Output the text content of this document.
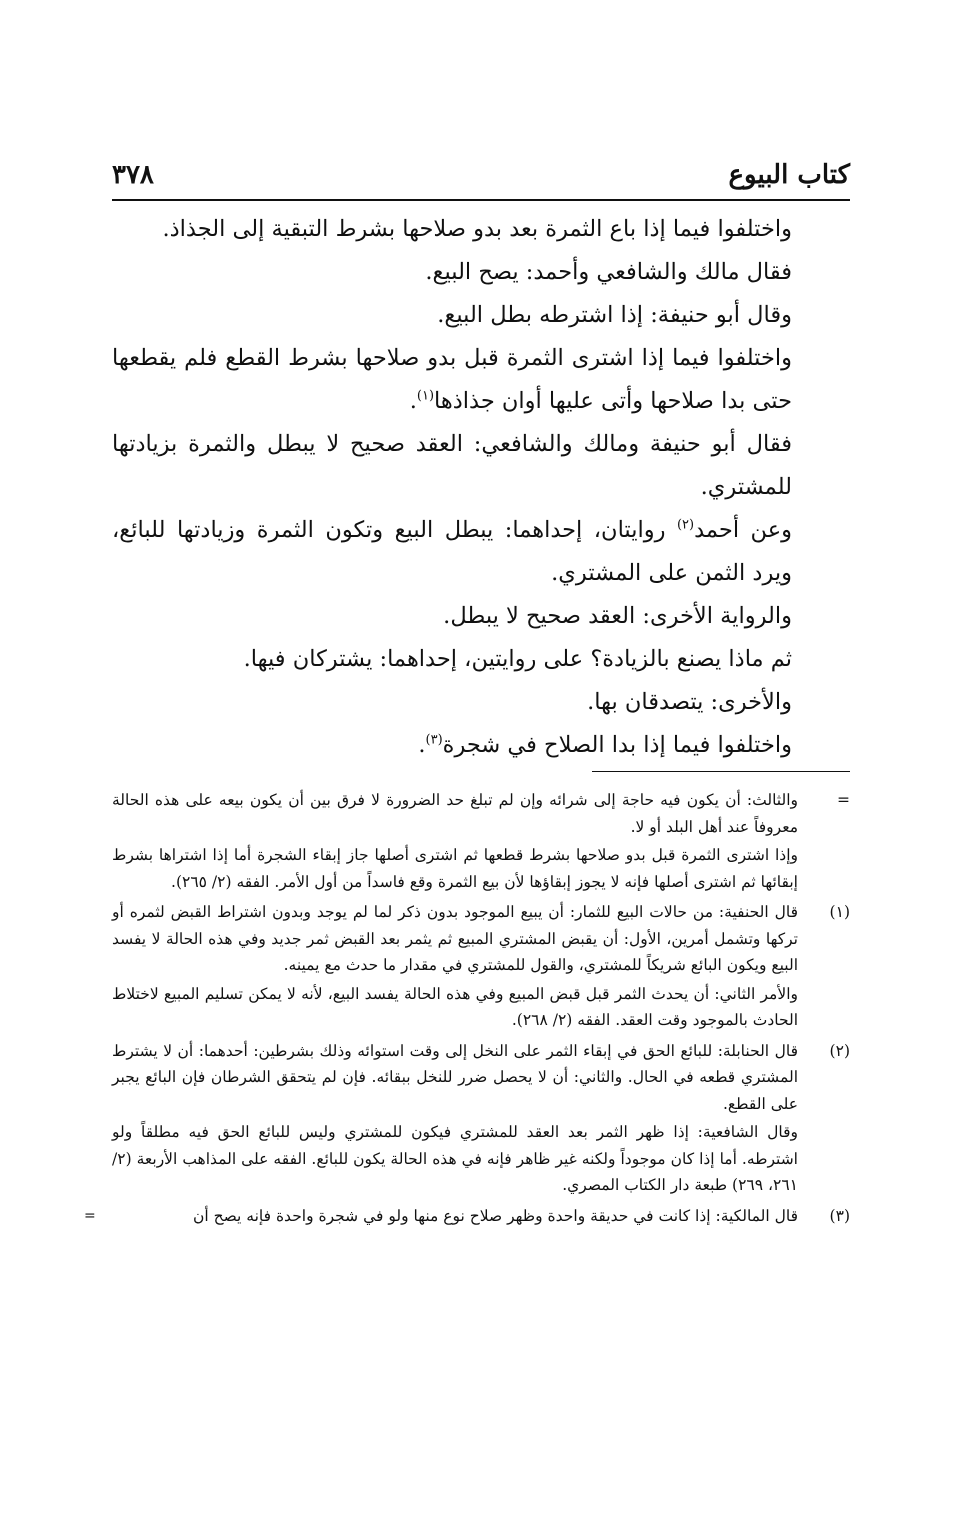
كتاب البيوع
٣٧٨

واختلفوا فيما إذا باع الثمرة بعد بدو صلاحها بشرط التبقية إلى الجذاذ.

فقال مالك والشافعي وأحمد: يصح البيع.

وقال أبو حنيفة: إذا اشترطه بطل البيع.

واختلفوا فيما إذا اشترى الثمرة قبل بدو صلاحها بشرط القطع فلم يقطعها حتى بدا صلاحها وأتى عليها أوان جذاذها$^{(١)}$.

فقال أبو حنيفة ومالك والشافعي: العقد صحيح لا يبطل والثمرة بزيادتها للمشتري.

وعن أحمد$^{(٢)}$ روايتان، إحداهما: يبطل البيع وتكون الثمرة وزيادتها للبائع، ويرد الثمن على المشتري.

والرواية الأخرى: العقد صحيح لا يبطل.

ثم ماذا يصنع بالزيادة؟ على روايتين، إحداهما: يشتركان فيها.

والأخرى: يتصدقان بها.

واختلفوا فيما إذا بدا الصلاح في شجرة$^{(٣)}$.

=
والثالث: أن يكون فيه حاجة إلى شرائه وإن لم تبلغ حد الضرورة لا فرق بين أن يكون بيعه على هذه الحالة معروفاً عند أهل البلد أو لا.
وإذا اشترى الثمرة قبل بدو صلاحها بشرط قطعها ثم اشترى أصلها جاز إبقاء الشجرة أما إذا اشتراها بشرط إبقائها ثم اشترى أصلها فإنه لا يجوز إبقاؤها لأن بيع الثمرة وقع فاسداً من أول الأمر. الفقه (٢/ ٢٦٥).
(١)
قال الحنفية: من حالات البيع للثمار: أن يبيع الموجود بدون ذكر لما لم يوجد وبدون اشتراط القبض لثمره أو تركها وتشمل أمرين، الأول: أن يقبض المشتري المبيع ثم يثمر بعد القبض ثمر جديد وفي هذه الحالة لا يفسد البيع ويكون البائع شريكاً للمشتري، والقول للمشتري في مقدار ما حدث مع يمينه.
والأمر الثاني: أن يحدث الثمر قبل قبض المبيع وفي هذه الحالة يفسد البيع، لأنه لا يمكن تسليم المبيع لاختلاط الحادث بالموجود وقت العقد. الفقه (٢/ ٢٦٨).
(٢)
قال الحنابلة: للبائع الحق في إبقاء الثمر على النخل إلى وقت استوائه وذلك بشرطين: أحدهما: أن لا يشترط المشتري قطعه في الحال. والثاني: أن لا يحصل ضرر للنخل ببقائه. فإن لم يتحقق الشرطان فإن البائع يجبر على القطع.
وقال الشافعية: إذا ظهر الثمر بعد العقد للمشتري فيكون للمشتري وليس للبائع الحق فيه مطلقاً ولو اشترطه. أما إذا كان موجوداً ولكنه غير ظاهر فإنه في هذه الحالة يكون للبائع. الفقه على المذاهب الأربعة (٢/ ٢٦١، ٢٦٩) طبعة دار الكتاب المصري.
(٣)
قال المالكية: إذا كانت في حديقة واحدة وظهر صلاح نوع منها ولو في شجرة واحدة فإنه يصح أن
=
